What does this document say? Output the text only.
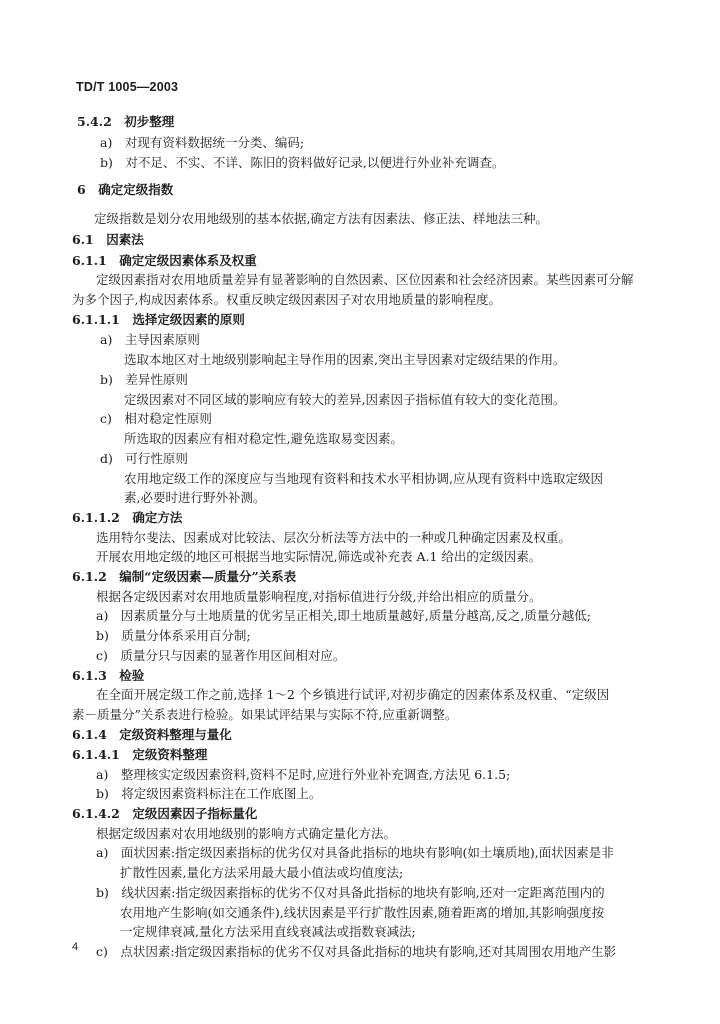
TD/T 1005—2003
5.4.2　初步整理
a)　对现有资料数据统一分类、编码;
b)　对不足、不实、不详、陈旧的资料做好记录,以便进行外业补充调查。
6　确定定级指数
定级指数是划分农用地级别的基本依据,确定方法有因素法、修正法、样地法三种。
6.1　因素法
6.1.1　确定定级因素体系及权重
定级因素指对农用地质量差异有显著影响的自然因素、区位因素和社会经济因素。某些因素可分解
为多个因子,构成因素体系。权重反映定级因素因子对农用地质量的影响程度。
6.1.1.1　选择定级因素的原则
a)　主导因素原则
选取本地区对土地级别影响起主导作用的因素,突出主导因素对定级结果的作用。
b)　差异性原则
定级因素对不同区域的影响应有较大的差异,因素因子指标值有较大的变化范围。
c)　相对稳定性原则
所选取的因素应有相对稳定性,避免选取易变因素。
d)　可行性原则
农用地定级工作的深度应与当地现有资料和技术水平相协调,应从现有资料中选取定级因
素,必要时进行野外补测。
6.1.1.2　确定方法
选用特尔斐法、因素成对比较法、层次分析法等方法中的一种或几种确定因素及权重。
开展农用地定级的地区可根据当地实际情况,筛选或补充表 A.1 给出的定级因素。
6.1.2　编制“定级因素—质量分”关系表
根据各定级因素对农用地质量影响程度,对指标值进行分级,并给出相应的质量分。
a)　因素质量分与土地质量的优劣呈正相关,即土地质量越好,质量分越高,反之,质量分越低;
b)　质量分体系采用百分制;
c)　质量分只与因素的显著作用区间相对应。
6.1.3　检验
在全面开展定级工作之前,选择 1～2 个乡镇进行试评,对初步确定的因素体系及权重、“定级因
素－质量分”关系表进行检验。如果试评结果与实际不符,应重新调整。
6.1.4　定级资料整理与量化
6.1.4.1　定级资料整理
a)　整理核实定级因素资料,资料不足时,应进行外业补充调查,方法见 6.1.5;
b)　将定级因素资料标注在工作底图上。
6.1.4.2　定级因素因子指标量化
根据定级因素对农用地级别的影响方式确定量化方法。
a)　面状因素:指定级因素指标的优劣仅对具备此指标的地块有影响(如土壤质地),面状因素是非
扩散性因素,量化方法采用最大最小值法或均值度法;
b)　线状因素:指定级因素指标的优劣不仅对具备此指标的地块有影响,还对一定距离范围内的
农用地产生影响(如交通条件),线状因素是平行扩散性因素,随着距离的增加,其影响强度按
一定规律衰减,量化方法采用直线衰减法或指数衰减法;
c)　点状因素:指定级因素指标的优劣不仅对具备此指标的地块有影响,还对其周围农用地产生影
4
